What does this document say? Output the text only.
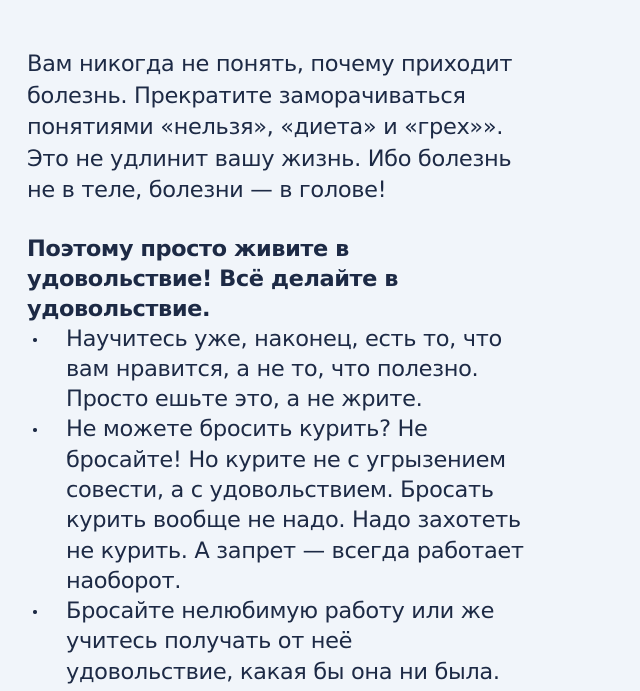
Вам никогда не понять, почему приходит
болезнь. Прекратите заморачиваться
понятиями «нельзя», «диета» и «грех»».
Это не удлинит вашу жизнь. Ибо болезнь
не в теле, болезни — в голове!

Поэтому просто живите в
удовольствие! Всё делайте в
удовольствие.
Научитесь уже, наконец, есть то, что
вам нравится, а не то, что полезно.
Просто ешьте это, а не жрите.
Не можете бросить курить? Не
бросайте! Но курите не с угрызением
совести, а с удовольствием. Бросать
курить вообще не надо. Надо захотеть
не курить. А запрет — всегда работает
наоборот.
Бросайте нелюбимую работу или же
учитесь получать от неё
удовольствие, какая бы она ни была.
